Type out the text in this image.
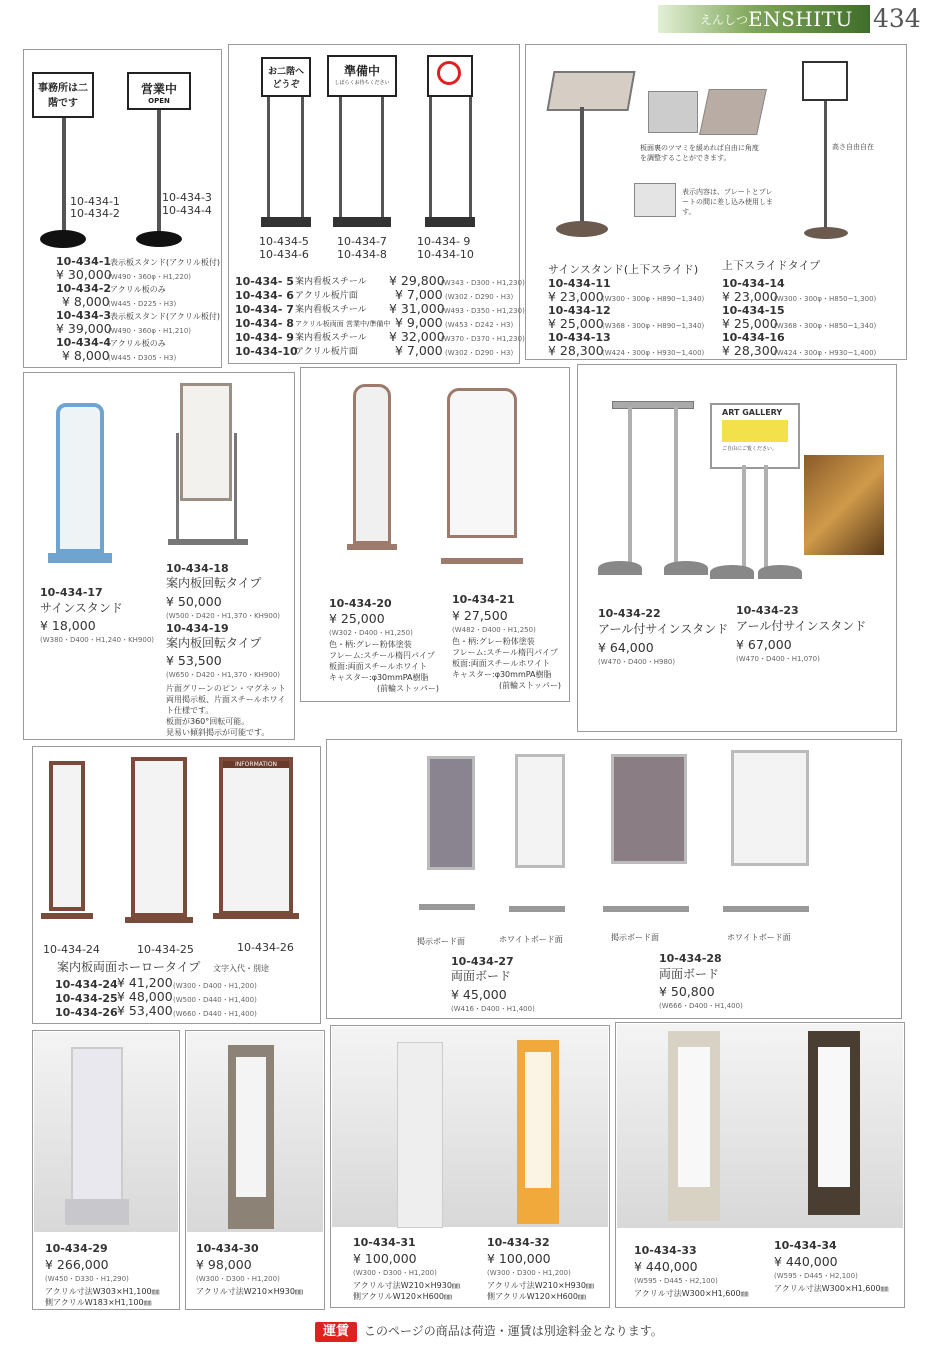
えんしつ ENSHITU 434
事務所は二階です
営業中
OPEN
10-434-1
10-434-2
10-434-3
10-434-4
10-434-1
表示板スタンド(アクリル板付)
¥ 30,000
(W490・360φ・H1,220)
10-434-2
アクリル板のみ
¥ 8,000
(W445・D225・H3)
10-434-3
表示板スタンド(アクリル板付)
¥ 39,000
(W490・360φ・H1,210)
10-434-4
アクリル板のみ
¥ 8,000
(W445・D305・H3)
お二階へどうぞ
準備中
しばらくお待ちください
10-434-5
10-434-6
10-434-7
10-434-8
10-434- 9
10-434-10
10-434- 5 案内看板スチール ¥ 29,800
(W343・D300・H1,230)
10-434- 6 アクリル板片面	¥ 7,000 (W302・D290・H3)
10-434- 7 案内看板スチール ¥ 31,000
(W493・D350・H1,230)
10-434- 8 アクリル板両面 営業中/準備中 ¥ 9,000 (W453・D242・H3)
10-434- 9 案内看板スチール ¥ 32,000
(W370・D370・H1,230)
10-434-10
アクリル板片面	¥ 7,000 (W302・D290・H3)
板面裏のツマミを緩めれば自由に角度を調整することができます。
表示内容は、プレートとプレートの間に差し込み使用します。
高さ自由自在
サインスタンド(上下スライド) 上下スライドタイプ
10-434-11
¥ 23,000
(W300・300φ・H890~1,340)
10-434-12
¥ 25,000
(W368・300φ・H890~1,340)
10-434-13
¥ 28,300
(W424・300φ・H930~1,400)
10-434-14
¥ 23,000
(W300・300φ・H850~1,300)
10-434-15
¥ 25,000
(W368・300φ・H850~1,340)
10-434-16
¥ 28,300
(W424・300φ・H930~1,400)
10-434-17
サインスタンド
¥ 18,000
(W380・D400・H1,240・KH900)
10-434-18
案内板回転タイプ
¥ 50,000
(W500・D420・H1,370・KH900)
10-434-19
案内板回転タイプ
¥ 53,500
(W650・D420・H1,370・KH900)
片面グリーンのピン・マグネット
両用掲示板、片面スチールホワイ
ト仕様です。
板面が360°回転可能。
見易い傾斜掲示が可能です。
10-434-20
¥ 25,000
(W302・D400・H1,250)
10-434-21
¥ 27,500
(W482・D400・H1,250)
色・柄:グレー粉体塗装
フレーム:スチール楕円パイプ
板面:両面スチールホワイト
キャスター:φ30mmPA樹脂
(前輪ストッパー)
色・柄:グレー粉体塗装
フレーム:スチール楕円パイプ
板面:両面スチールホワイト
キャスター:φ30mmPA樹脂
(前輪ストッパー)
ART GALLERY
ご自由にご覧ください。
10-434-22
アール付サインスタンド
¥ 64,000
(W470・D400・H980)
10-434-23
アール付サインスタンド
¥ 67,000
(W470・D400・H1,070)
INFORMATION
10-434-24	10-434-25	10-434-26
案内板両面ホーロータイプ 文字入代・別途
10-434-24 ¥ 41,200 (W300・D400・H1,200)
10-434-25 ¥ 48,000 (W500・D440・H1,400)
10-434-26 ¥ 53,400 (W660・D440・H1,400)
掲示ボード面	ホワイトボード面	掲示ボード面	ホワイトボード面
10-434-27
両面ボード
¥ 45,000
(W416・D400・H1,400)
10-434-28
両面ボード
¥ 50,800
(W666・D400・H1,400)
10-434-29
¥ 266,000
(W450・D330・H1,290)
アクリル寸法W303×H1,100㎜
側アクリルW183×H1,100㎜
10-434-30
¥ 98,000
(W300・D300・H1,200)
アクリル寸法W210×H930㎜
10-434-31
¥ 100,000
(W300・D300・H1,200)
アクリル寸法W210×H930㎜
側アクリルW120×H600㎜
10-434-32
¥ 100,000
(W300・D300・H1,200)
アクリル寸法W210×H930㎜
側アクリルW120×H600㎜
10-434-33
¥ 440,000
(W595・D445・H2,100)
アクリル寸法W300×H1,600㎜
10-434-34
¥ 440,000
(W595・D445・H2,100)
アクリル寸法W300×H1,600㎜
運賃	このページの商品は荷造・運賃は別途料金となります。
